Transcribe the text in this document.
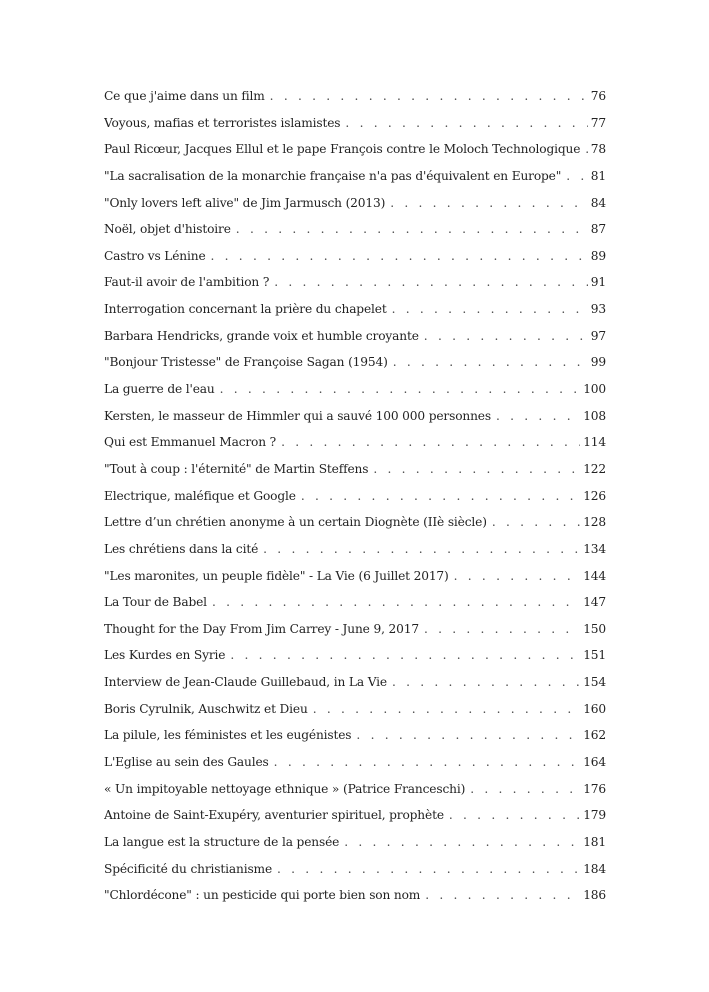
Ce que j'aime dans un film . . .	76
Voyous, mafias et terroristes islamistes . . .	77
Paul Ricœur, Jacques Ellul et le pape François contre le Moloch Technologique . . . 78
"La sacralisation de la monarchie française n'a pas d'équivalent en Europe" . . . 81
"Only lovers left alive" de Jim Jarmusch (2013) . . .	84
Noël, objet d'histoire . . .	87
Castro vs Lénine . . .	89
Faut-il avoir de l'ambition ? . . .	91
Interrogation concernant la prière du chapelet . . .	93
Barbara Hendricks, grande voix et humble croyante . . .	97
"Bonjour Tristesse" de Françoise Sagan (1954) . . .	99
La guerre de l'eau . . .	100
Kersten, le masseur de Himmler qui a sauvé 100 000 personnes . . .	108
Qui est Emmanuel Macron ? . . .	114
"Tout à coup : l'éternité" de Martin Steffens . . .	122
Electrique, maléfique et Google . . .	126
Lettre d’un chrétien anonyme à un certain Diognète (IIè siècle) . . .	128
Les chrétiens dans la cité . . .	134
"Les maronites, un peuple fidèle" - La Vie (6 Juillet 2017) . . .	144
La Tour de Babel . . .	147
Thought for the Day From Jim Carrey - June 9, 2017 . . .	150
Les Kurdes en Syrie . . .	151
Interview de Jean-Claude Guillebaud, in La Vie . . .	154
Boris Cyrulnik, Auschwitz et Dieu . . .	160
La pilule, les féministes et les eugénistes . . .	162
L'Eglise au sein des Gaules . . .	164
« Un impitoyable nettoyage ethnique » (Patrice Franceschi) . . .	176
Antoine de Saint-Exupéry, aventurier spirituel, prophète . . .	179
La langue est la structure de la pensée . . .	181
Spécificité du christianisme . . .	184
"Chlordécone" : un pesticide qui porte bien son nom . . .	186
